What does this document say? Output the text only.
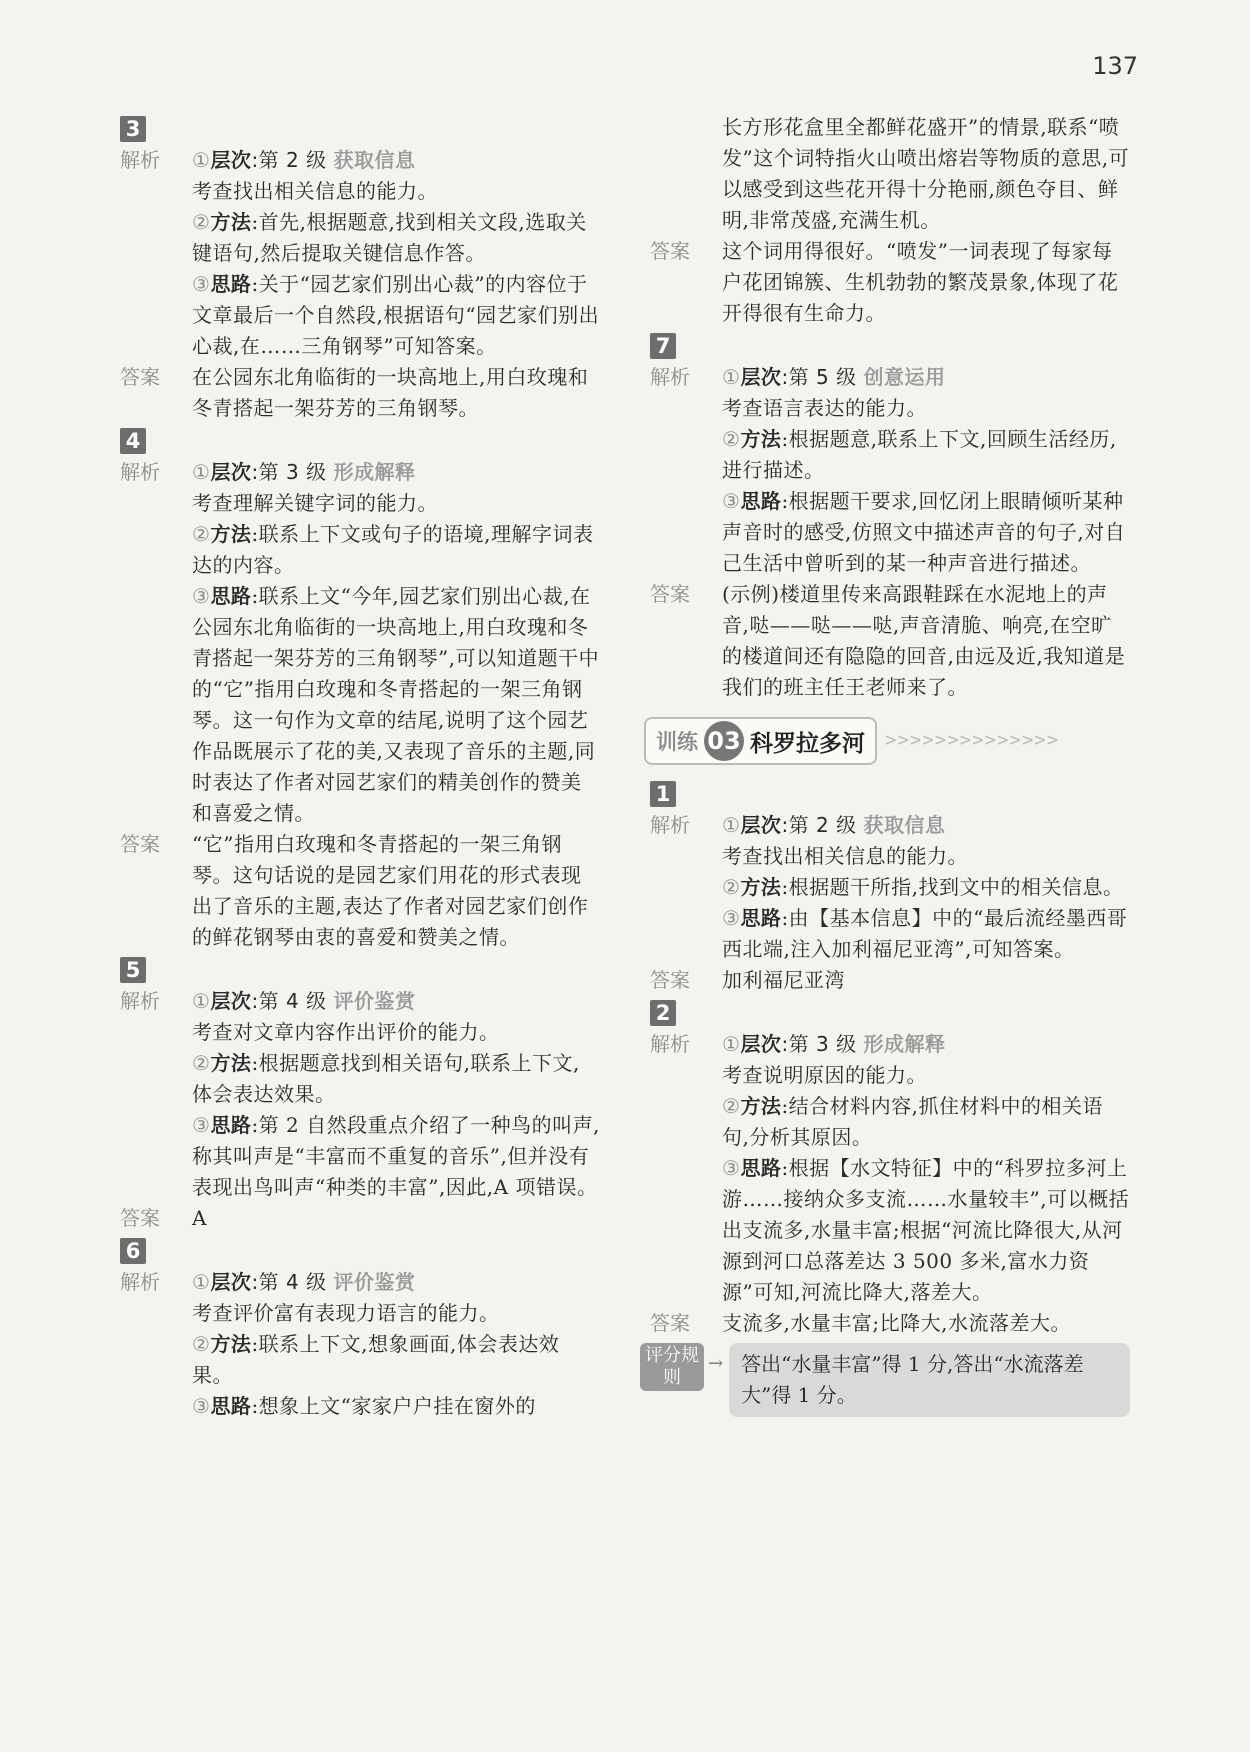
137
3
解析 ①层次:第 2 级 获取信息

考查找出相关信息的能力。

②方法:首先,根据题意,找到相关文段,选取关键语句,然后提取关键信息作答。

③思路:关于“园艺家们别出心裁”的内容位于文章最后一个自然段,根据语句“园艺家们别出心裁,在……三角钢琴”可知答案。

答案 在公园东北角临街的一块高地上,用白玫瑰和冬青搭起一架芬芳的三角钢琴。

4
解析 ①层次:第 3 级 形成解释

考查理解关键字词的能力。

②方法:联系上下文或句子的语境,理解字词表达的内容。

③思路:联系上文“今年,园艺家们别出心裁,在公园东北角临街的一块高地上,用白玫瑰和冬青搭起一架芬芳的三角钢琴”,可以知道题干中的“它”指用白玫瑰和冬青搭起的一架三角钢琴。这一句作为文章的结尾,说明了这个园艺作品既展示了花的美,又表现了音乐的主题,同时表达了作者对园艺家们的精美创作的赞美和喜爱之情。

答案 “它”指用白玫瑰和冬青搭起的一架三角钢琴。这句话说的是园艺家们用花的形式表现出了音乐的主题,表达了作者对园艺家们创作的鲜花钢琴由衷的喜爱和赞美之情。

5
解析 ①层次:第 4 级 评价鉴赏

考查对文章内容作出评价的能力。

②方法:根据题意找到相关语句,联系上下文,体会表达效果。

③思路:第 2 自然段重点介绍了一种鸟的叫声,称其叫声是“丰富而不重复的音乐”,但并没有表现出鸟叫声“种类的丰富”,因此,A 项错误。

答案 A

6
解析 ①层次:第 4 级 评价鉴赏

考查评价富有表现力语言的能力。

②方法:联系上下文,想象画面,体会表达效果。

③思路:想象上文“家家户户挂在窗外的

长方形花盒里全都鲜花盛开”的情景,联系“喷发”这个词特指火山喷出熔岩等物质的意思,可以感受到这些花开得十分艳丽,颜色夺目、鲜明,非常茂盛,充满生机。

答案 这个词用得很好。“喷发”一词表现了每家每户花团锦簇、生机勃勃的繁茂景象,体现了花开得很有生命力。

7
解析 ①层次:第 5 级 创意运用

考查语言表达的能力。

②方法:根据题意,联系上下文,回顾生活经历,进行描述。

③思路:根据题干要求,回忆闭上眼睛倾听某种声音时的感受,仿照文中描述声音的句子,对自己生活中曾听到的某一种声音进行描述。

答案 (示例)楼道里传来高跟鞋踩在水泥地上的声音,哒——哒——哒,声音清脆、响亮,在空旷的楼道间还有隐隐的回音,由远及近,我知道是我们的班主任王老师来了。

训练 03 科罗拉多河 >>>>>>>>>>>>>>
1
解析 ①层次:第 2 级 获取信息

考查找出相关信息的能力。

②方法:根据题干所指,找到文中的相关信息。

③思路:由【基本信息】中的“最后流经墨西哥西北端,注入加利福尼亚湾”,可知答案。

答案 加利福尼亚湾

2
解析 ①层次:第 3 级 形成解释

考查说明原因的能力。

②方法:结合材料内容,抓住材料中的相关语句,分析其原因。

③思路:根据【水文特征】中的“科罗拉多河上游……接纳众多支流……水量较丰”,可以概括出支流多,水量丰富;根据“河流比降很大,从河源到河口总落差达 3 500 多米,富水力资源”可知,河流比降大,落差大。

答案 支流多,水量丰富;比降大,水流落差大。

评分规则
→ 答出“水量丰富”得 1 分,答出“水流落差大”得 1 分。
